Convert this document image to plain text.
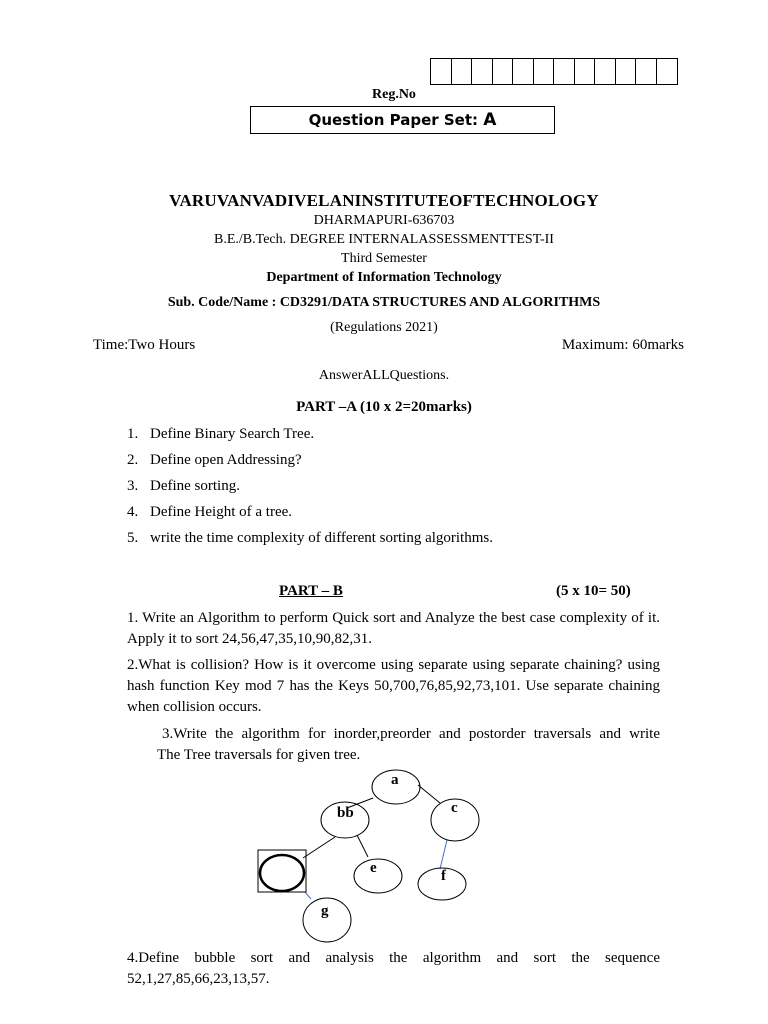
Reg.No
Question Paper Set: A
VARUVANVADIVELANINSTITUTEOFTECHNOLOGY
DHARMAPURI-636703
B.E./B.Tech. DEGREE INTERNALASSESSMENTTEST-II
Third Semester
Department of Information Technology
Sub. Code/Name : CD3291/DATA STRUCTURES AND ALGORITHMS
(Regulations 2021)
Time:Two Hours	Maximum: 60marks
AnswerALLQuestions.
PART –A (10 x 2=20marks)
1. Define Binary Search Tree.
2. Define open Addressing?
3. Define sorting.
4. Define Height of a tree.
5. write the time complexity of different sorting algorithms.
PART – B	(5 x 10= 50)
1. Write an Algorithm to perform Quick sort and Analyze the best case complexity of it. Apply it to sort 24,56,47,35,10,90,82,31.
2.What is collision? How is it overcome using separate using separate chaining? using hash function Key mod 7 has the Keys 50,700,76,85,92,73,101. Use separate chaining when collision occurs.
3.Write the algorithm for inorder,preorder and postorder traversals and write         The Tree traversals for given tree.
a
bb	c
e	f
g
4.Define bubble sort and analysis the algorithm and sort the sequence 52,1,27,85,66,23,13,57.
